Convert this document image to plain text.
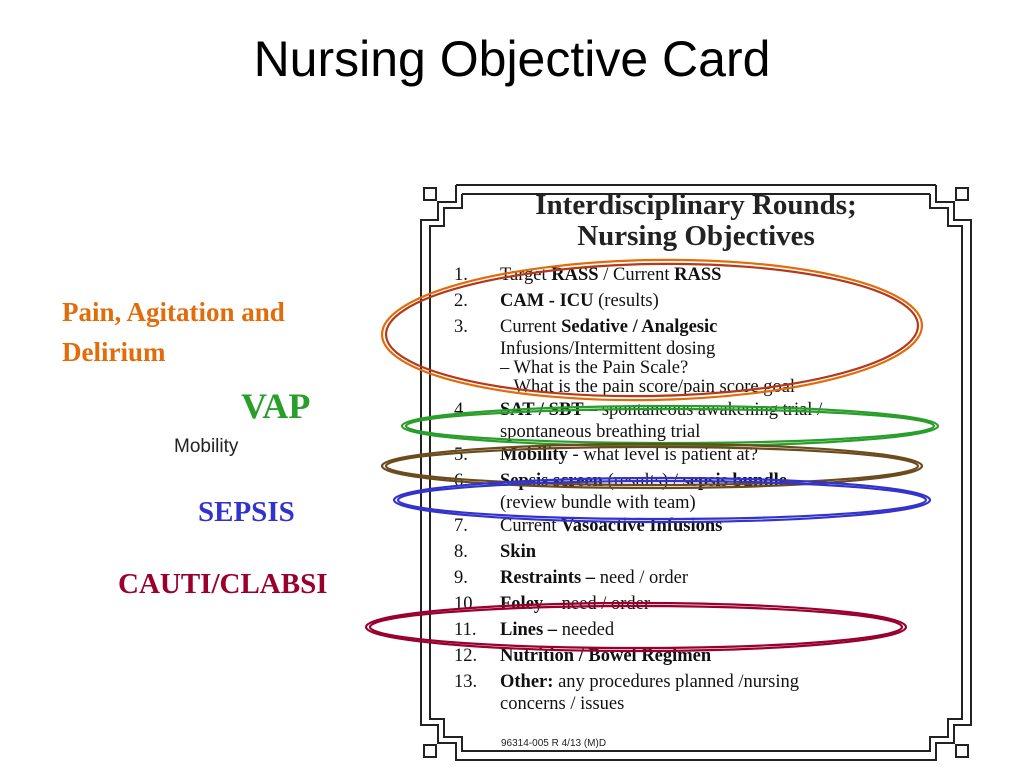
Nursing Objective Card
Pain, Agitation and Delirium
VAP
Mobility
SEPSIS
CAUTI/CLABSI
Interdisciplinary Rounds;
Nursing Objectives
1. Target RASS / Current RASS
2. CAM - ICU (results)
3. Current Sedative / Analgesic
Infusions/Intermittent dosing
– What is the Pain Scale?
– What is the pain score/pain score goal
4. SAT / SBT – spontaneous awakening trial /
spontaneous breathing trial
5. Mobility - what level is patient at?
6. Sepsis screen (results) / sepsis bundle
(review bundle with team)
7. Current Vasoactive Infusions
8. Skin
9. Restraints – need / order
10. Foley – need / order
11. Lines – needed
12. Nutrition / Bowel Regimen
13. Other: any procedures planned /nursing
concerns / issues
96314-005 R 4/13 (M)D
